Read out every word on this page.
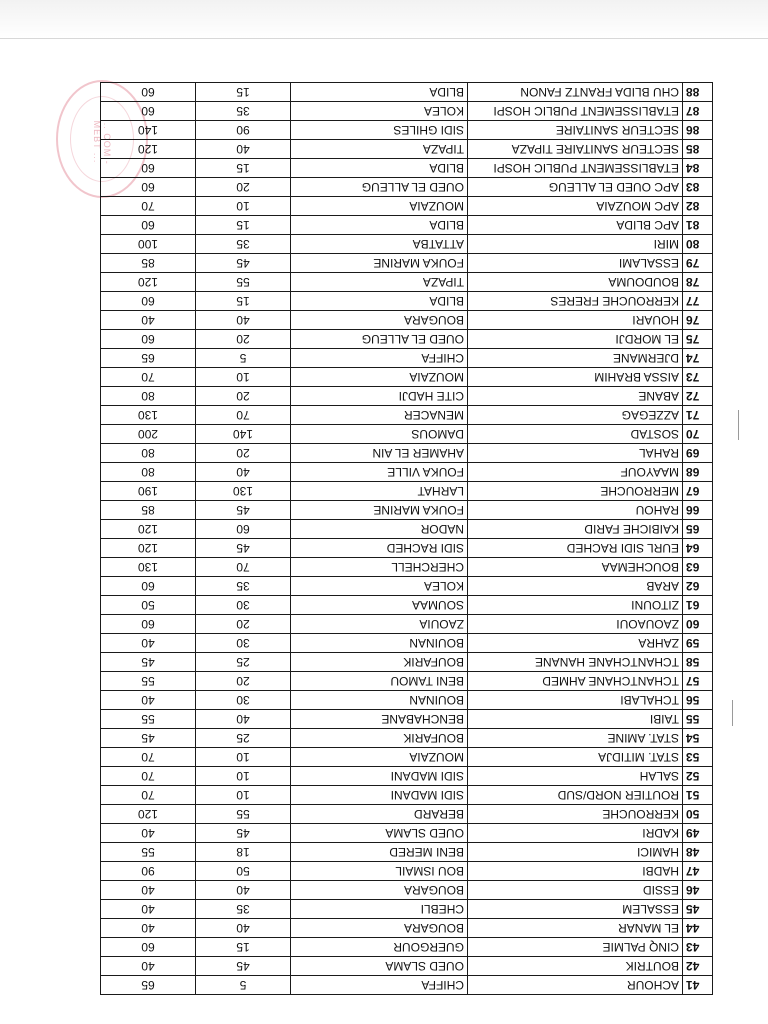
... COM - MEBT ...
41	ACHOUR	CHIFFA	5	65
42	BOUTRIK	OUED SLAMA	45	40
43	CINQ PALMIE	GUERGOUR	15	60
44	EL MANAR	BOUGARA	40	40
45	ESSALEM	CHEBLI	35	40
46	ESSID	BOUGARA	40	40
47	HADBI	BOU ISMAIL	50	90
48	HAMICI	BENI MERED	18	55
49	KADRI	OUED SLAMA	45	40
50	KERROUCHE	BERARD	55	120
51	ROUTIER NORD/SUD	SIDI MADANI	10	70
52	SALAH	SIDI MADANI	10	70
53	STAT. MITIDJA	MOUZAIA	10	70
54	STAT. AMINE	BOUFARIK	25	45
55	TAIBI	BENCHABANE	40	55
56	TCHALABI	BOUINAN	30	40
57	TCHANTCHANE AHMED	BENI TAMOU	20	55
58	TCHANTCHANE HANANE	BOUFARIK	25	45
59	ZAHRA	BOUINAN	30	40
60	ZAOUAOUI	ZAOUIA	20	60
61	ZITOUNI	SOUMAA	30	50
62	ARAB	KOLEA	35	60
63	BOUCHEMAA	CHERCHELL	70	130
64	EURL SIDI RACHED	SIDI RACHED	45	120
65	KAIBICHE FARID	NADOR	60	120
66	RAHOU	FOUKA MARINE	45	85
67	MERROUCHE	LARHAT	130	190
68	MAAYOUF	FOUKA VILLE	40	80
69	RAHAL	AHAMER EL AIN	20	80
70	SOSTAD	DAMOUS	140	200
71	AZZEGAG	MENACER	70	130
72	ABANE	CITE HADJI	20	80
73	AISSA BRAHIM	MOUZAIA	10	70
74	DJERMANE	CHIFFA	5	65
75	EL MORDJI	OUED EL ALLEUG	20	60
76	HOUARI	BOUGARA	40	40
77	KERROUCHE FRERES	BLIDA	15	60
78	BOUDOUMA	TIPAZA	55	120
79	ESSALAMI	FOUKA MARINE	45	85
80	MIRI	ATTATBA	35	100
81	APC BLIDA	BLIDA	15	60
82	APC MOUZAIA	MOUZAIA	10	70
83	APC OUED EL ALLEUG	OUED EL ALLEUG	20	60
84	ETABLISSEMENT PUBLIC HOSPI	BLIDA	15	60
85	SECTEUR SANITAIRE TIPAZA	TIPAZA	40	120
86	SECTEUR SANITAIRE	SIDI GHILES	90	140
87	ETABLISSEMENT PUBLIC HOSPI	KOLEA	35	60
88	CHU BLIDA FRANTZ FANON	BLIDA	15	60
